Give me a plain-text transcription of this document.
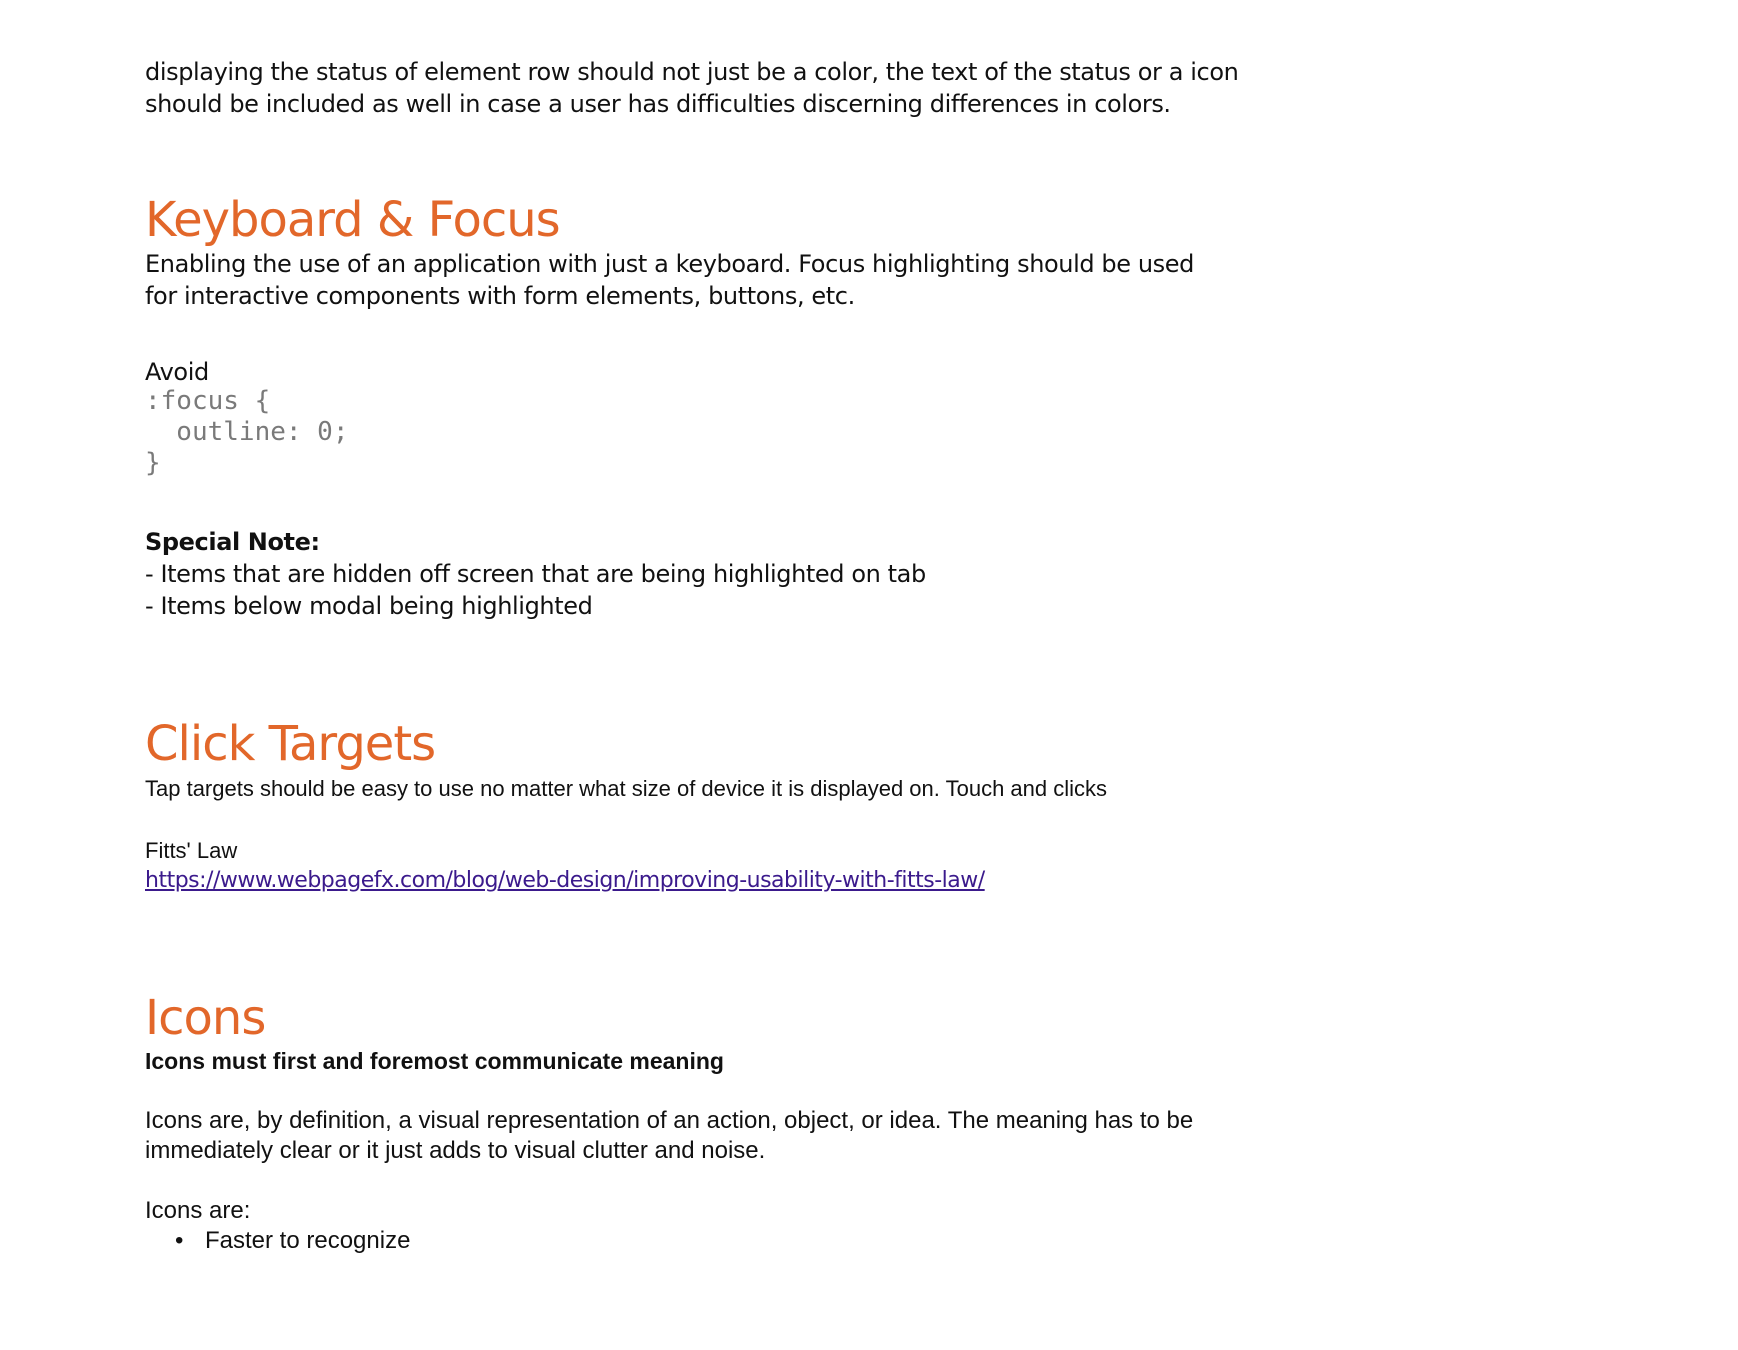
displaying the status of element row should not just be a color, the text of the status or a icon

should be included as well in case a user has difficulties discerning differences in colors.

Keyboard & Focus

Enabling the use of an application with just a keyboard. Focus highlighting should be used

for interactive components with form elements, buttons, etc.

Avoid

:focus {

outline: 0;

}

Special Note:

- Items that are hidden off screen that are being highlighted on tab

- Items below modal being highlighted

Click Targets

Tap targets should be easy to use no matter what size of device it is displayed on. Touch and clicks

Fitts' Law

https://www.webpagefx.com/blog/web-design/improving-usability-with-fitts-law/
Icons

Icons must first and foremost communicate meaning

Icons are, by definition, a visual representation of an action, object, or idea. The meaning has to be

immediately clear or it just adds to visual clutter and noise.

Icons are:

• Faster to recognize
